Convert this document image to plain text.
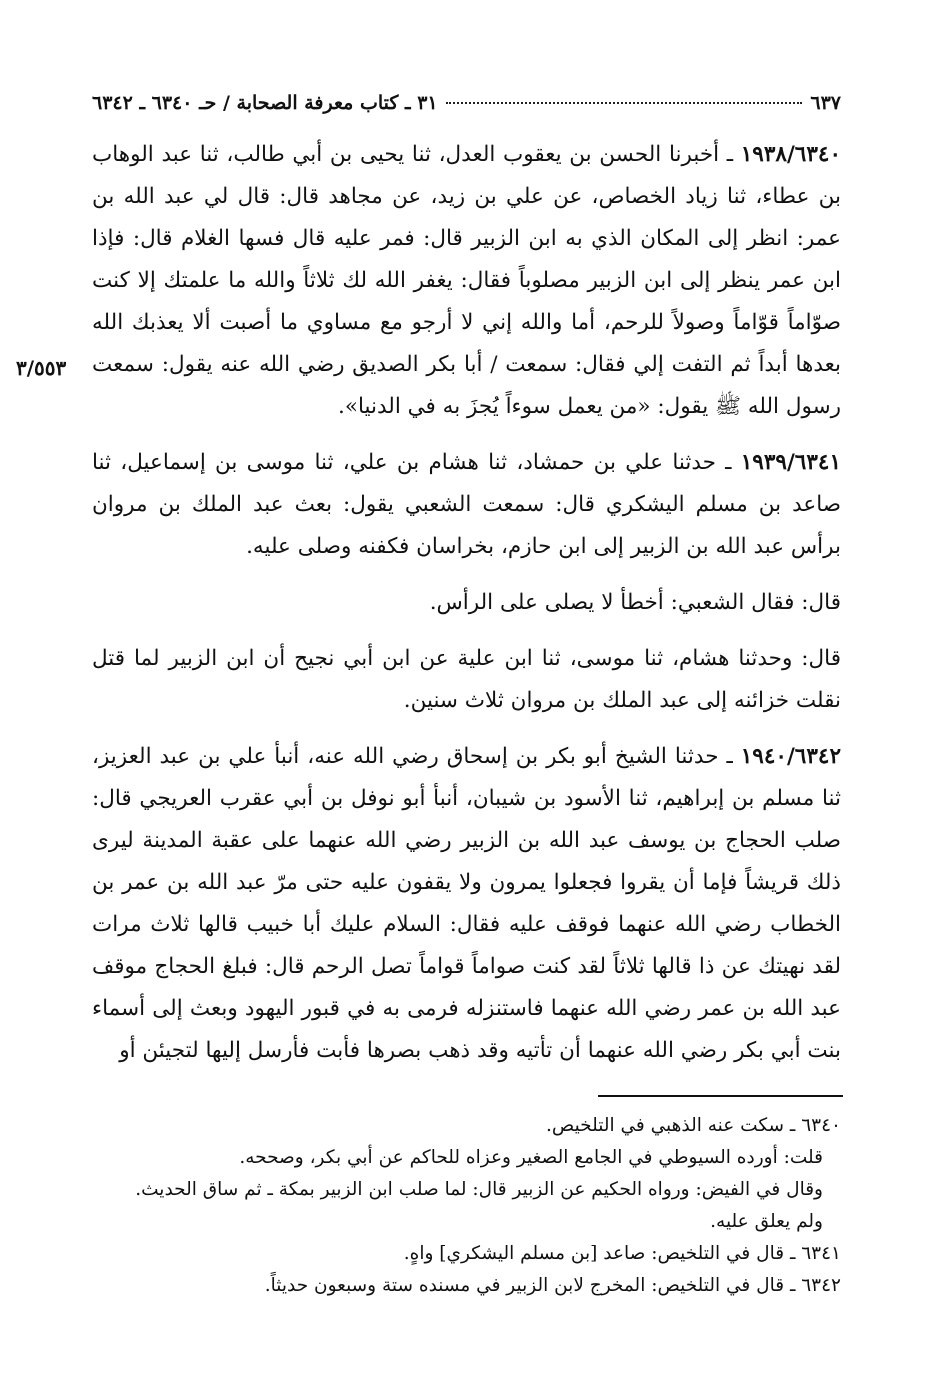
٣١ ـ كتاب معرفة الصحابة / حـ ٦٣٤٠ ـ ٦٣٤٢	٦٣٧
٣/٥٥٣

١٩٣٨/٦٣٤٠ ـ أخبرنا الحسن بن يعقوب العدل، ثنا يحيى بن أبي طالب، ثنا عبد الوهاب بن عطاء، ثنا زياد الخصاص، عن علي بن زيد، عن مجاهد قال: قال لي عبد الله بن عمر: انظر إلى المكان الذي به ابن الزبير قال: فمر عليه قال فسها الغلام قال: فإذا ابن عمر ينظر إلى ابن الزبير مصلوباً فقال: يغفر الله لك ثلاثاً والله ما علمتك إلا كنت صوّاماً قوّاماً وصولاً للرحم، أما والله إني لا أرجو مع مساوي ما أصبت ألا يعذبك الله بعدها أبداً ثم التفت إلي فقال: سمعت / أبا بكر الصديق رضي الله عنه يقول: سمعت رسول الله ﷺ يقول: «من يعمل سوءاً يُجزَ به في الدنيا».

١٩٣٩/٦٣٤١ ـ حدثنا علي بن حمشاد، ثنا هشام بن علي، ثنا موسى بن إسماعيل، ثنا صاعد بن مسلم اليشكري قال: سمعت الشعبي يقول: بعث عبد الملك بن مروان برأس عبد الله بن الزبير إلى ابن حازم، بخراسان فكفنه وصلى عليه.

قال: فقال الشعبي: أخطأ لا يصلى على الرأس.

قال: وحدثنا هشام، ثنا موسى، ثنا ابن علية عن ابن أبي نجيح أن ابن الزبير لما قتل نقلت خزائنه إلى عبد الملك بن مروان ثلاث سنين.

١٩٤٠/٦٣٤٢ ـ حدثنا الشيخ أبو بكر بن إسحاق رضي الله عنه، أنبأ علي بن عبد العزيز، ثنا مسلم بن إبراهيم، ثنا الأسود بن شيبان، أنبأ أبو نوفل بن أبي عقرب العريجي قال: صلب الحجاج بن يوسف عبد الله بن الزبير رضي الله عنهما على عقبة المدينة ليرى ذلك قريشاً فإما أن يقروا فجعلوا يمرون ولا يقفون عليه حتى مرّ عبد الله بن عمر بن الخطاب رضي الله عنهما فوقف عليه فقال: السلام عليك أبا خبيب قالها ثلاث مرات لقد نهيتك عن ذا قالها ثلاثاً لقد كنت صواماً قواماً تصل الرحم قال: فبلغ الحجاج موقف عبد الله بن عمر رضي الله عنهما فاستنزله فرمى به في قبور اليهود وبعث إلى أسماء بنت أبي بكر رضي الله عنهما أن تأتيه وقد ذهب بصرها فأبت فأرسل إليها لتجيئن أو

٦٣٤٠ ـ سكت عنه الذهبي في التلخيص.

قلت: أورده السيوطي في الجامع الصغير وعزاه للحاكم عن أبي بكر، وصححه.

وقال في الفيض: ورواه الحكيم عن الزبير قال: لما صلب ابن الزبير بمكة ـ ثم ساق الحديث. ولم يعلق عليه.

٦٣٤١ ـ قال في التلخيص: صاعد [بن مسلم اليشكري] واهٍ.

٦٣٤٢ ـ قال في التلخيص: المخرج لابن الزبير في مسنده ستة وسبعون حديثاً.
